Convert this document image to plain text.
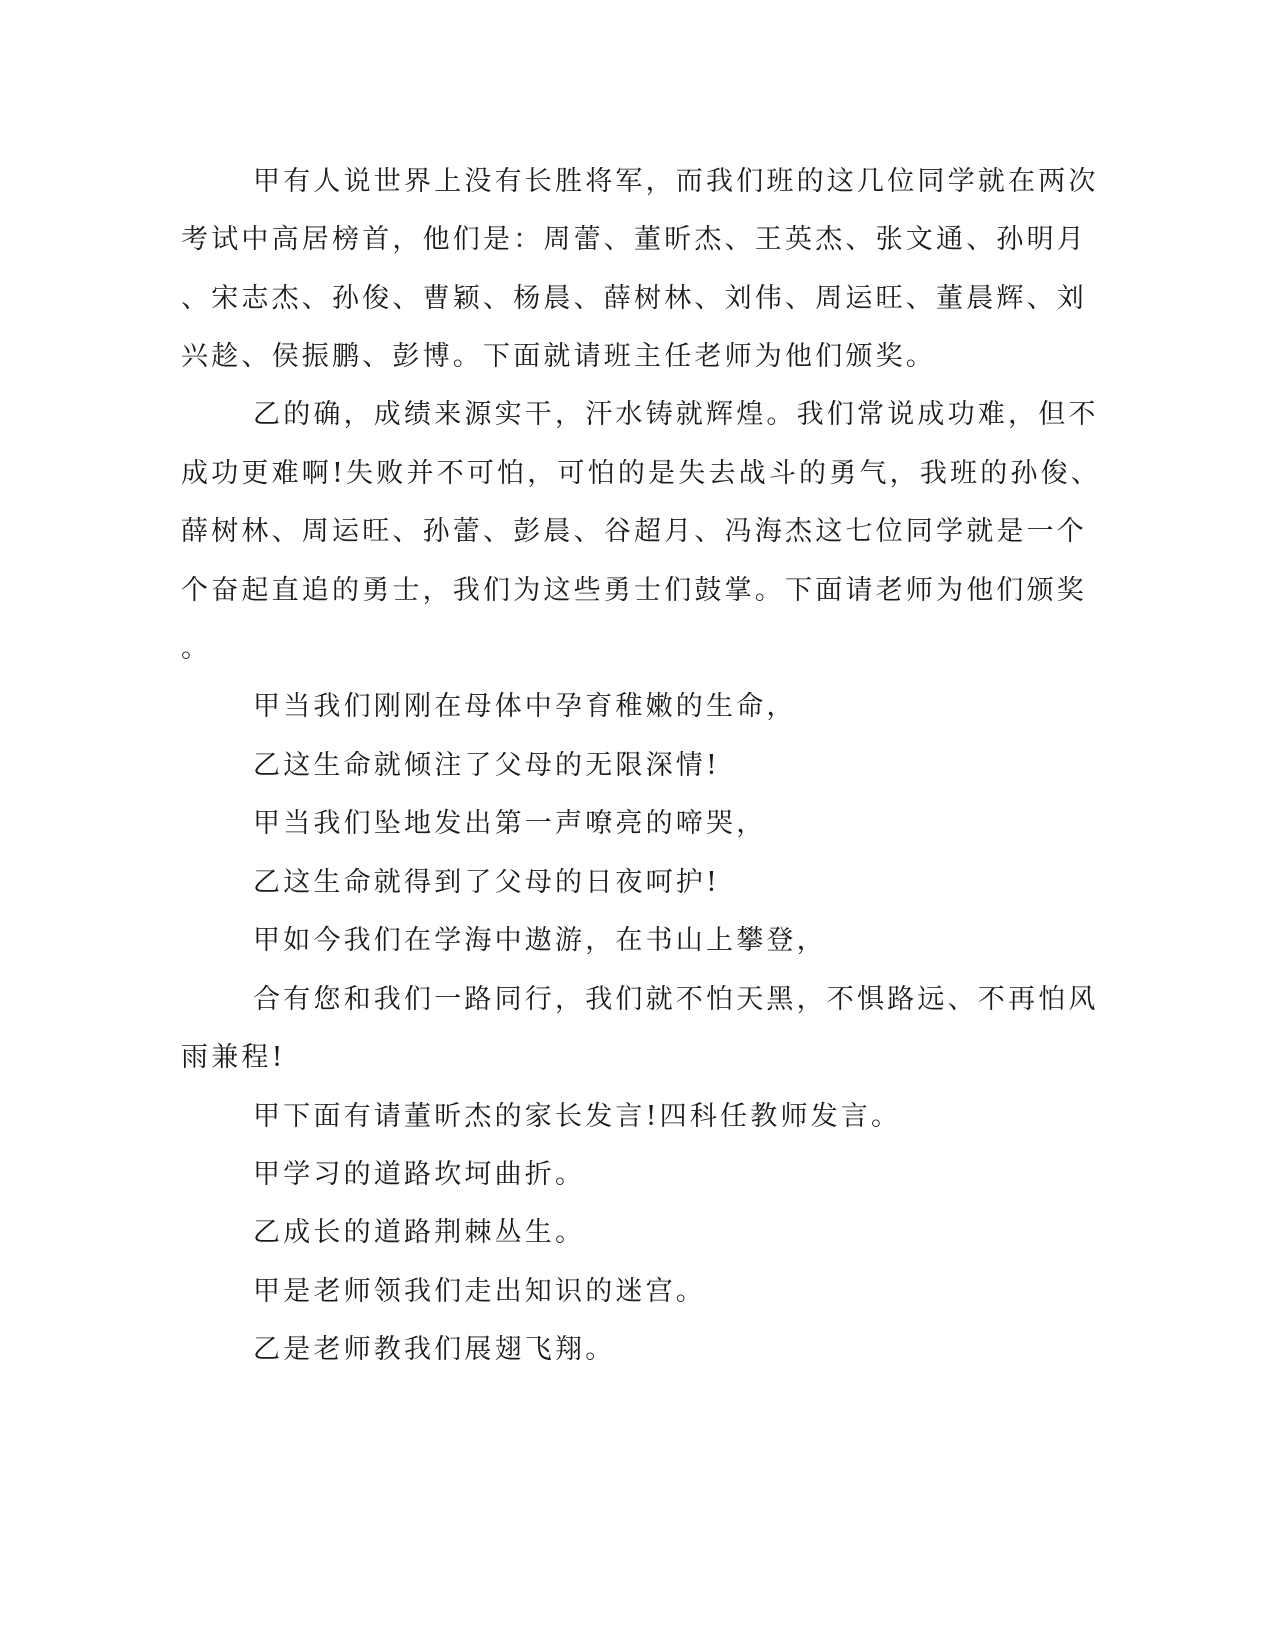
甲有人说世界上没有长胜将军，而我们班的这几位同学就在两次
考试中高居榜首，他们是：周蕾、董昕杰、王英杰、张文通、孙明月
、宋志杰、孙俊、曹颖、杨晨、薛树林、刘伟、周运旺、董晨辉、刘
兴趁、侯振鹏、彭博。下面就请班主任老师为他们颁奖。
乙的确，成绩来源实干，汗水铸就辉煌。我们常说成功难，但不
成功更难啊!失败并不可怕，可怕的是失去战斗的勇气，我班的孙俊、
薛树林、周运旺、孙蕾、彭晨、谷超月、冯海杰这七位同学就是一个
个奋起直追的勇士，我们为这些勇士们鼓掌。下面请老师为他们颁奖
。
甲当我们刚刚在母体中孕育稚嫩的生命，
乙这生命就倾注了父母的无限深情!
甲当我们坠地发出第一声嘹亮的啼哭，
乙这生命就得到了父母的日夜呵护!
甲如今我们在学海中遨游，在书山上攀登，
合有您和我们一路同行，我们就不怕天黑，不惧路远、不再怕风
雨兼程!
甲下面有请董昕杰的家长发言!四科任教师发言。
甲学习的道路坎坷曲折。
乙成长的道路荆棘丛生。
甲是老师领我们走出知识的迷宫。
乙是老师教我们展翅飞翔。
